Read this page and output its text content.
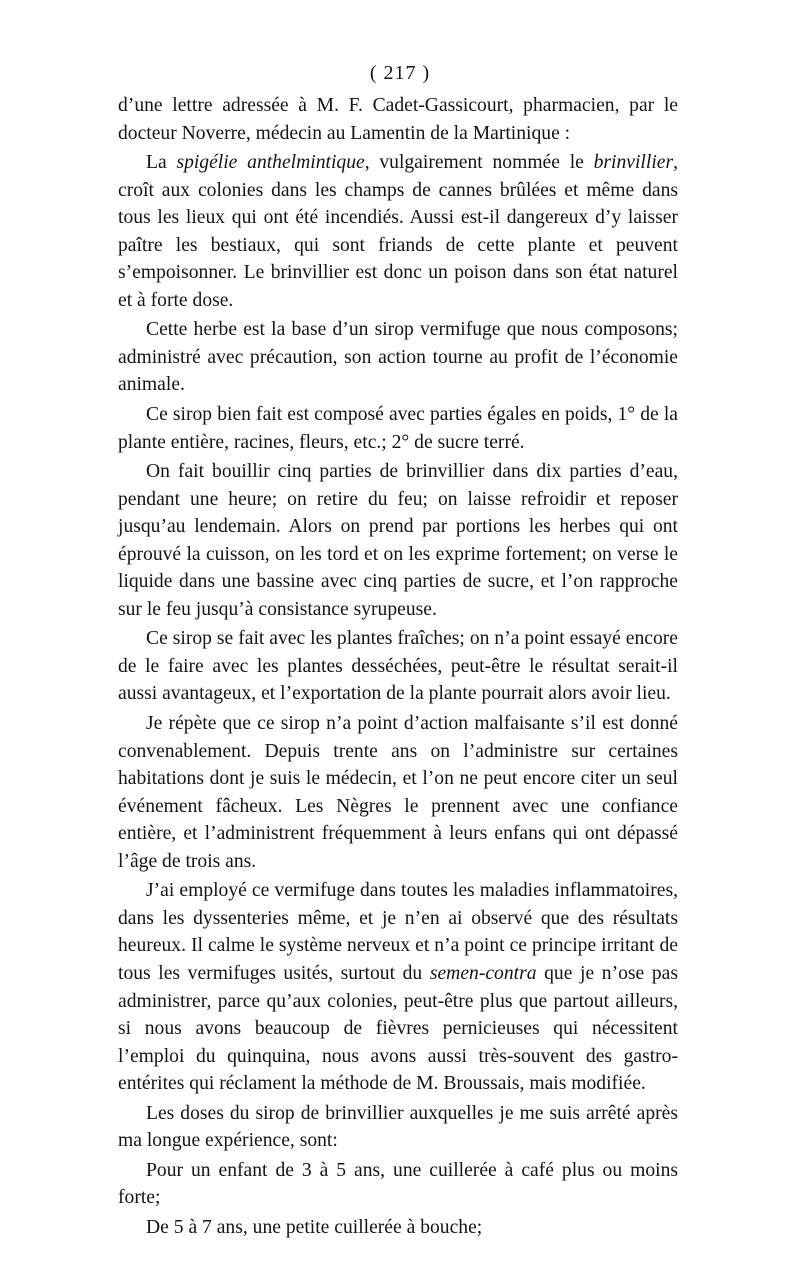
( 217 )

d’une lettre adressée à M. F. Cadet-Gassicourt, pharmacien, par le docteur Noverre, médecin au Lamentin de la Martinique :

La spigélie anthelmintique, vulgairement nommée le brinvillier, croît aux colonies dans les champs de cannes brûlées et même dans tous les lieux qui ont été incendiés. Aussi est-il dangereux d’y laisser paître les bestiaux, qui sont friands de cette plante et peuvent s’empoisonner. Le brinvillier est donc un poison dans son état naturel et à forte dose.

Cette herbe est la base d’un sirop vermifuge que nous composons; administré avec précaution, son action tourne au profit de l’économie animale.

Ce sirop bien fait est composé avec parties égales en poids, 1° de la plante entière, racines, fleurs, etc.; 2° de sucre terré.

On fait bouillir cinq parties de brinvillier dans dix parties d’eau, pendant une heure; on retire du feu; on laisse refroidir et reposer jusqu’au lendemain. Alors on prend par portions les herbes qui ont éprouvé la cuisson, on les tord et on les exprime fortement; on verse le liquide dans une bassine avec cinq parties de sucre, et l’on rapproche sur le feu jusqu’à consistance syrupeuse.

Ce sirop se fait avec les plantes fraîches; on n’a point essayé encore de le faire avec les plantes desséchées, peut-être le résultat serait-il aussi avantageux, et l’exportation de la plante pourrait alors avoir lieu.

Je répète que ce sirop n’a point d’action malfaisante s’il est donné convenablement. Depuis trente ans on l’administre sur certaines habitations dont je suis le médecin, et l’on ne peut encore citer un seul événement fâcheux. Les Nègres le prennent avec une confiance entière, et l’administrent fréquemment à leurs enfans qui ont dépassé l’âge de trois ans.

J’ai employé ce vermifuge dans toutes les maladies inflammatoires, dans les dyssenteries même, et je n’en ai observé que des résultats heureux. Il calme le système nerveux et n’a point ce principe irritant de tous les vermifuges usités, surtout du semen-contra que je n’ose pas administrer, parce qu’aux colonies, peut-être plus que partout ailleurs, si nous avons beaucoup de fièvres pernicieuses qui nécessitent l’emploi du quinquina, nous avons aussi très-souvent des gastro-entérites qui réclament la méthode de M. Broussais, mais modifiée.

Les doses du sirop de brinvillier auxquelles je me suis arrêté après ma longue expérience, sont:

Pour un enfant de 3 à 5 ans, une cuillerée à café plus ou moins forte;

De 5 à 7 ans, une petite cuillerée à bouche;
